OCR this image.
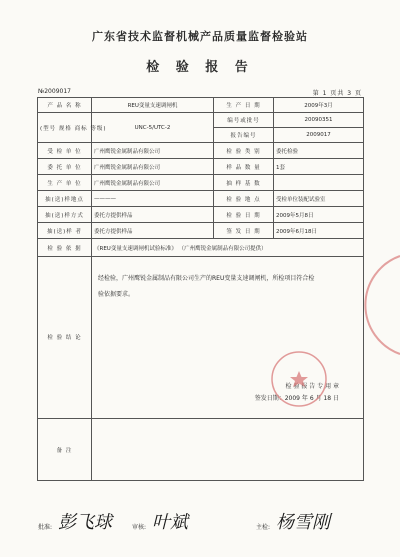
广东省技术监督机械产品质量监督检验站
检 验 报 告
№2009017	第 1 页共 3 页
产 品 名 称	REU变量支速调闸机	生 产 日 期	2009年3月
(型号 规格 商标 等级)	UNC-5/UTC-2	编号或批号	20090351
		报告编号	2009017
受 检 单 位	广州鹰锐金属制品有限公司	检 验 类 别	委托检验
委 托 单 位	广州鹰锐金属制品有限公司	样 品 数 量	1套
生 产 单 位	广州鹰锐金属制品有限公司	抽 样 基 数	
抽(送)样地点	————	检 验 地 点	受检单位装配试验室
抽(送)样方式	委托方提供样品	检 验 日 期	2009年5月8日
抽(送)样 者	委托方提供样品	签 发 日 期	2009年6月18日
检 验 依 据	《REU变量支速调闸机试验标准》 （广州鹰锐金属制品有限公司提供）		
检 验 结 论	经检验，广州鹰锐金属制品有限公司生产的REU变量支速调闸机，所检项目符合检
验依据要求。
检 验 报 告 专 用 章
签发日期：2009 年 6 月 18 日		

备 注			
批准: 彭飞球	审核: 叶斌	主检: 杨雪刚
